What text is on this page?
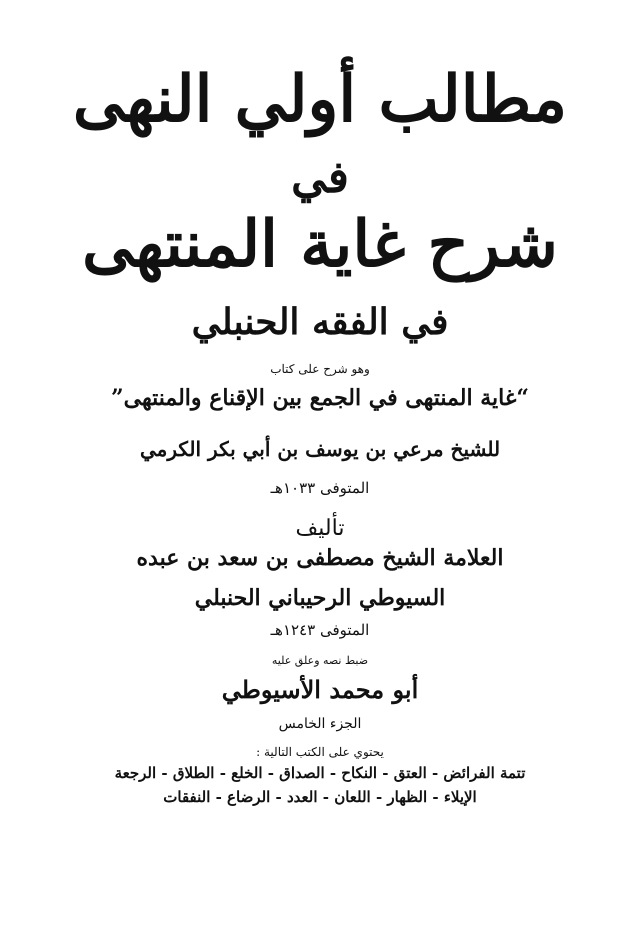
مطالب أولي النهى
في
شرح غاية المنتهى
في الفقه الحنبلي
وهو شرح على كتاب
“غاية المنتهى في الجمع بين الإقناع والمنتهى”
للشيخ مرعي بن يوسف بن أبي بكر الكرمي
المتوفى ١٠٣٣هـ
تأليف
العلامة الشيخ مصطفى بن سعد بن عبده
السيوطي الرحيباني الحنبلي
المتوفى ١٢٤٣هـ
ضبط نصه وعلق عليه
أبو محمد الأسيوطي
الجزء الخامس
يحتوي على الكتب التالية :
تتمة الفرائض - العتق - النكاح - الصداق - الخلع - الطلاق - الرجعة
الإيلاء - الظهار - اللعان - العدد - الرضاع - النفقات
